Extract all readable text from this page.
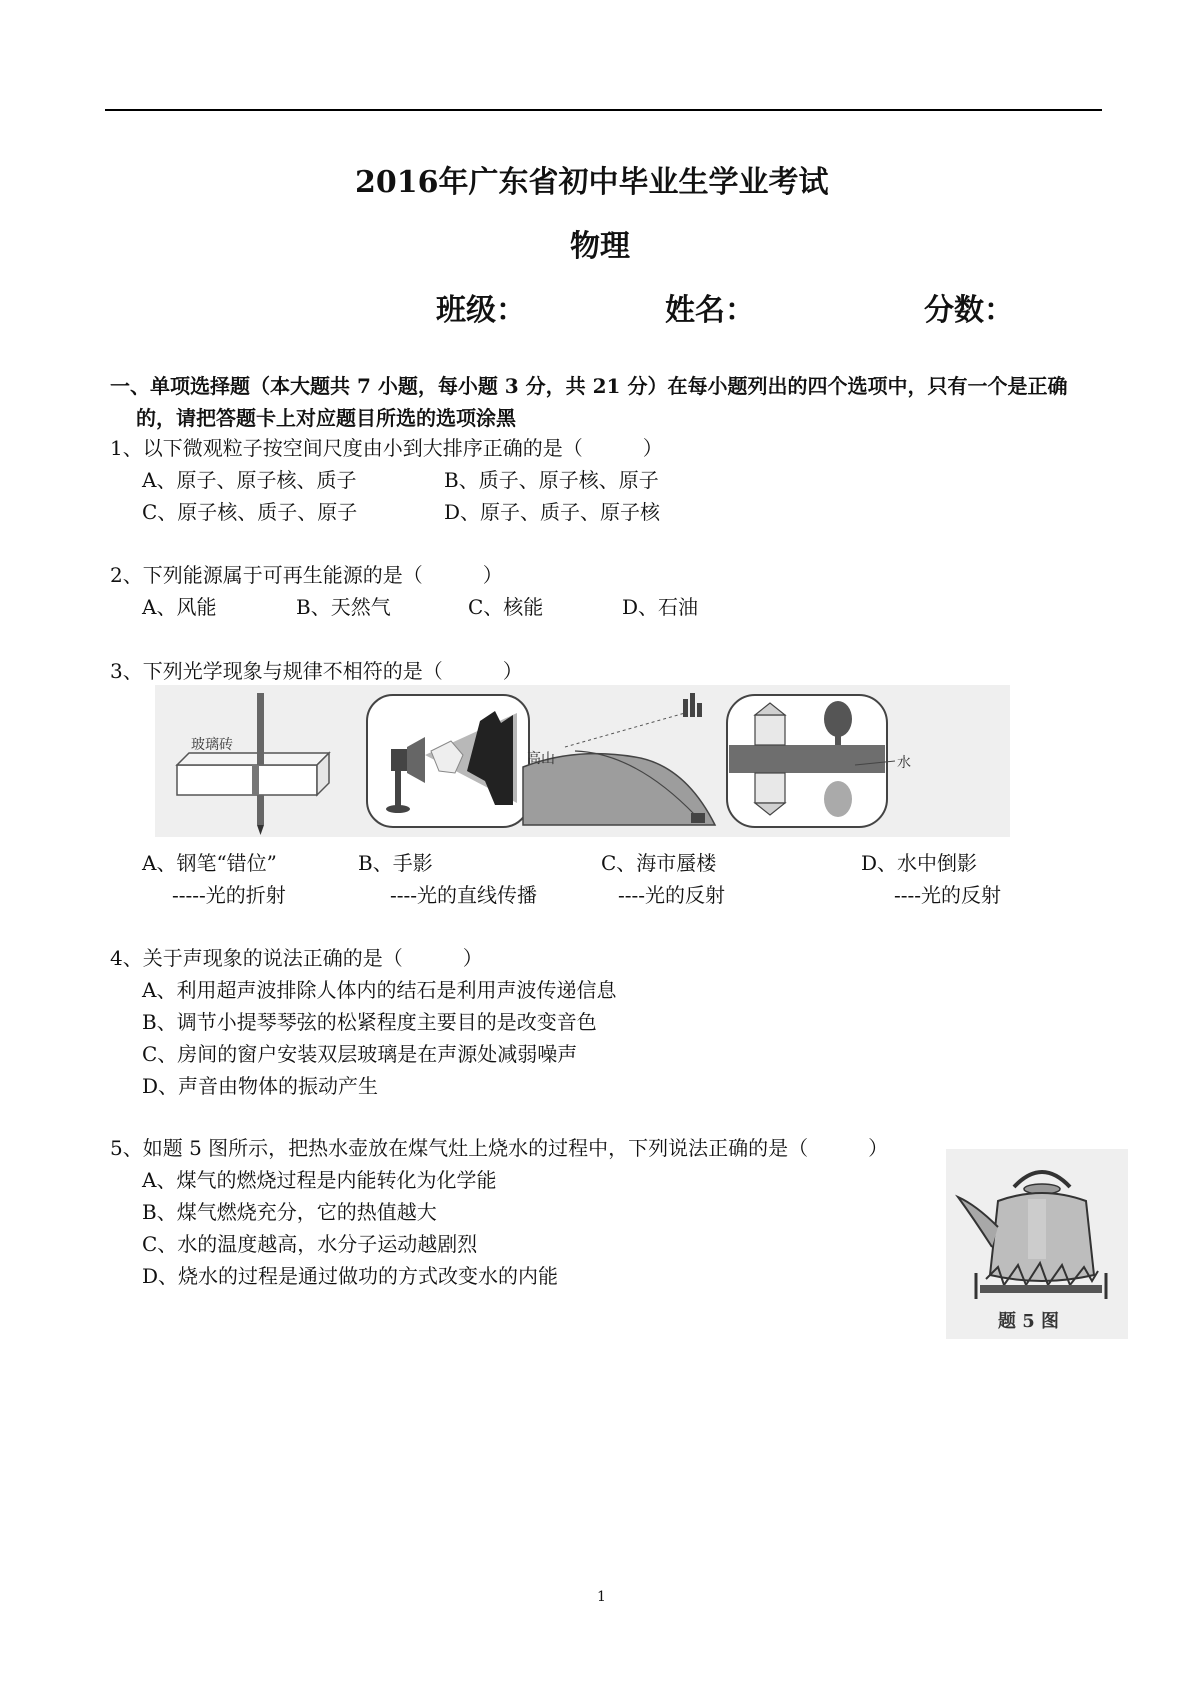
2016年广东省初中毕业生学业考试
物理
班级：	姓名：	分数：
一、单项选择题（本大题共 7 小题，每小题 3 分，共 21 分）在每小题列出的四个选项中，只有一个是正确
的，请把答题卡上对应题目所选的选项涂黑
1、以下微观粒子按空间尺度由小到大排序正确的是（　　　）
A、原子、原子核、质子	B、质子、原子核、原子
C、原子核、质子、原子	D、原子、质子、原子核
2、下列能源属于可再生能源的是（　　　）
A、风能	B、天然气	C、核能	D、石油
3、下列光学现象与规律不相符的是（　　　）
玻璃砖
高山	水
A、钢笔“错位”	B、手影	C、海市蜃楼	D、水中倒影
-----光的折射	----光的直线传播	----光的反射	----光的反射
4、关于声现象的说法正确的是（　　　）
A、利用超声波排除人体内的结石是利用声波传递信息
B、调节小提琴琴弦的松紧程度主要目的是改变音色
C、房间的窗户安装双层玻璃是在声源处减弱噪声
D、声音由物体的振动产生
5、如题 5 图所示，把热水壶放在煤气灶上烧水的过程中，下列说法正确的是（　　　）
A、煤气的燃烧过程是内能转化为化学能
B、煤气燃烧充分，它的热值越大
C、水的温度越高，水分子运动越剧烈
D、烧水的过程是通过做功的方式改变水的内能
题 5 图
1
